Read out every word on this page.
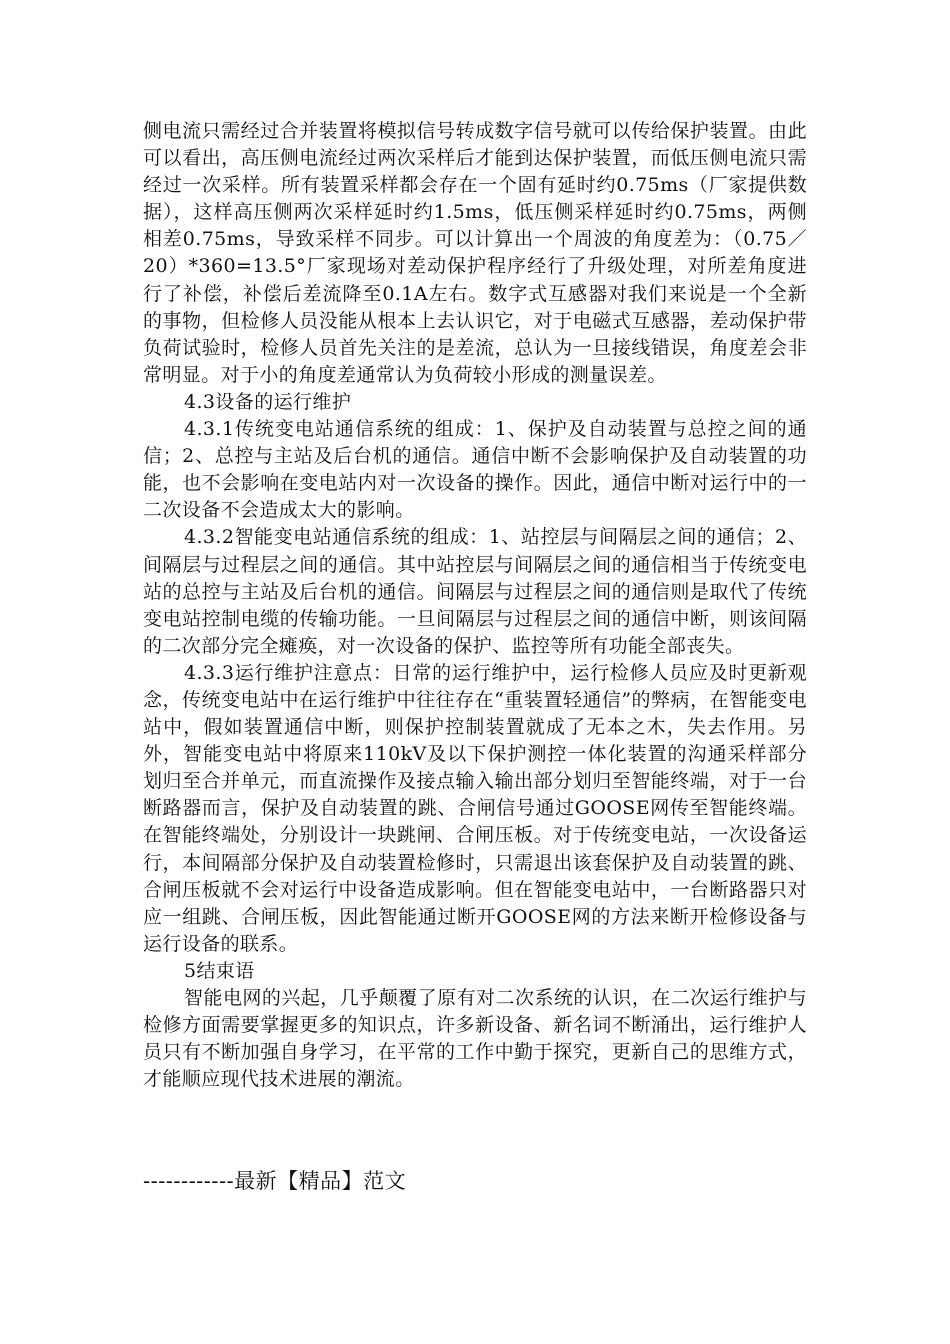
侧电流只需经过合并装置将模拟信号转成数字信号就可以传给保护装置。由此可以看出，高压侧电流经过两次采样后才能到达保护装置，而低压侧电流只需经过一次采样。所有装置采样都会存在一个固有延时约0.75ms（厂家提供数据），这样高压侧两次采样延时约1.5ms，低压侧采样延时约0.75ms，两侧相差0.75ms，导致采样不同步。可以计算出一个周波的角度差为：（0.75／20）*360=13.5°厂家现场对差动保护程序经行了升级处理，对所差角度进行了补偿，补偿后差流降至0.1A左右。数字式互感器对我们来说是一个全新的事物，但检修人员没能从根本上去认识它，对于电磁式互感器，差动保护带负荷试验时，检修人员首先关注的是差流，总认为一旦接线错误，角度差会非常明显。对于小的角度差通常认为负荷较小形成的测量误差。

4.3设备的运行维护

4.3.1传统变电站通信系统的组成：1、保护及自动装置与总控之间的通信；2、总控与主站及后台机的通信。通信中断不会影响保护及自动装置的功能，也不会影响在变电站内对一次设备的操作。因此，通信中断对运行中的一二次设备不会造成太大的影响。

4.3.2智能变电站通信系统的组成：1、站控层与间隔层之间的通信；2、间隔层与过程层之间的通信。其中站控层与间隔层之间的通信相当于传统变电站的总控与主站及后台机的通信。间隔层与过程层之间的通信则是取代了传统变电站控制电缆的传输功能。一旦间隔层与过程层之间的通信中断，则该间隔的二次部分完全瘫痪，对一次设备的保护、监控等所有功能全部丧失。

4.3.3运行维护注意点：日常的运行维护中，运行检修人员应及时更新观念，传统变电站中在运行维护中往往存在“重装置轻通信”的弊病，在智能变电站中，假如装置通信中断，则保护控制装置就成了无本之木，失去作用。另外，智能变电站中将原来110kV及以下保护测控一体化装置的沟通采样部分划归至合并单元，而直流操作及接点输入输出部分划归至智能终端，对于一台断路器而言，保护及自动装置的跳、合闸信号通过GOOSE网传至智能终端。在智能终端处，分别设计一块跳闸、合闸压板。对于传统变电站，一次设备运行，本间隔部分保护及自动装置检修时，只需退出该套保护及自动装置的跳、合闸压板就不会对运行中设备造成影响。但在智能变电站中，一台断路器只对应一组跳、合闸压板，因此智能通过断开GOOSE网的方法来断开检修设备与运行设备的联系。

5结束语

智能电网的兴起，几乎颠覆了原有对二次系统的认识，在二次运行维护与检修方面需要掌握更多的知识点，许多新设备、新名词不断涌出，运行维护人员只有不断加强自身学习，在平常的工作中勤于探究，更新自己的思维方式，才能顺应现代技术进展的潮流。

------------最新【精品】范文
